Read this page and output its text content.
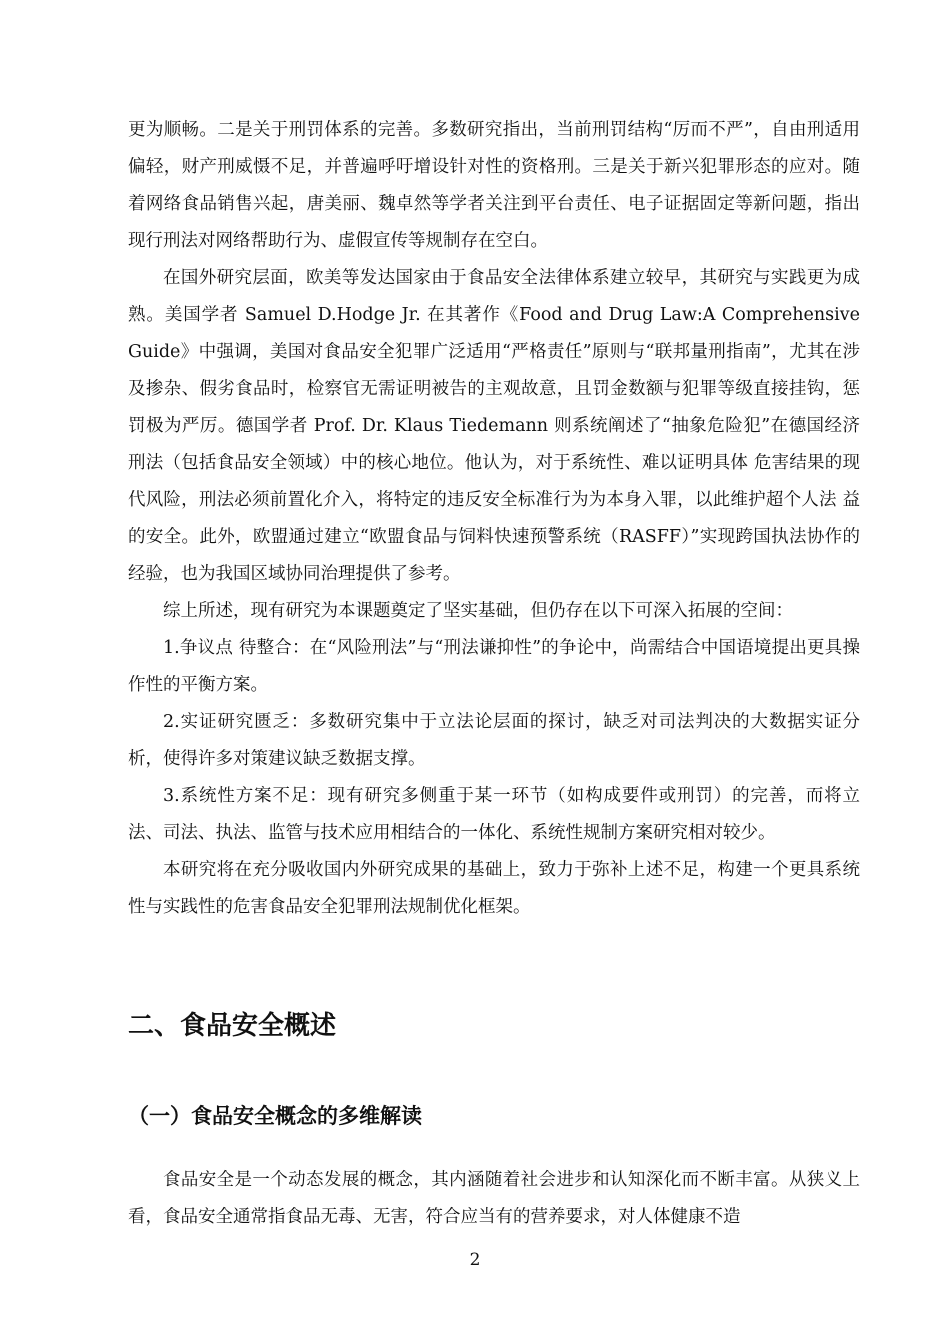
更为顺畅。二是关于刑罚体系的完善。多数研究指出，当前刑罚结构“厉而不严”，自由刑适用偏轻，财产刑威慑不足，并普遍呼吁增设针对性的资格刑。三是关于新兴犯罪形态的应对。随着网络食品销售兴起，唐美丽、魏卓然等学者关注到平台责任、电子证据固定等新问题，指出现行刑法对网络帮助行为、虚假宣传等规制存在空白。

在国外研究层面，欧美等发达国家由于食品安全法律体系建立较早，其研究与实践更为成熟。美国学者 Samuel D.Hodge Jr. 在其著作《Food and Drug Law:A Comprehensive Guide》中强调，美国对食品安全犯罪广泛适用“严格责任”原则与“联邦量刑指南”，尤其在涉及掺杂、假劣食品时，检察官无需证明被告的主观故意，且罚金数额与犯罪等级直接挂钩，惩罚极为严厉。德国学者 Prof. Dr. Klaus Tiedemann 则系统阐述了“抽象危险犯”在德国经济刑法（包括食品安全领域）中的核心地位。他认为，对于系统性、难以证明具体 危害结果的现代风险，刑法必须前置化介入，将特定的违反安全标准行为为本身入罪，以此维护超个人法 益 的安全。此外，欧盟通过建立“欧盟食品与饲料快速预警系统（RASFF）”实现跨国执法协作的经验，也为我国区域协同治理提供了参考。

综上所述，现有研究为本课题奠定了坚实基础，但仍存在以下可深入拓展的空间：

1.争议点 待整合：在“风险刑法”与“刑法谦抑性”的争论中，尚需结合中国语境提出更具操作性的平衡方案。

2.实证研究匮乏：多数研究集中于立法论层面的探讨，缺乏对司法判决的大数据实证分析，使得许多对策建议缺乏数据支撑。

3.系统性方案不足：现有研究多侧重于某一环节（如构成要件或刑罚）的完善，而将立法、司法、执法、监管与技术应用相结合的一体化、系统性规制方案研究相对较少。

本研究将在充分吸收国内外研究成果的基础上，致力于弥补上述不足，构建一个更具系统性与实践性的危害食品安全犯罪刑法规制优化框架。

二、食品安全概述
（一）食品安全概念的多维解读

食品安全是一个动态发展的概念，其内涵随着社会进步和认知深化而不断丰富。从狭义上看，食品安全通常指食品无毒、无害，符合应当有的营养要求，对人体健康不造

2
